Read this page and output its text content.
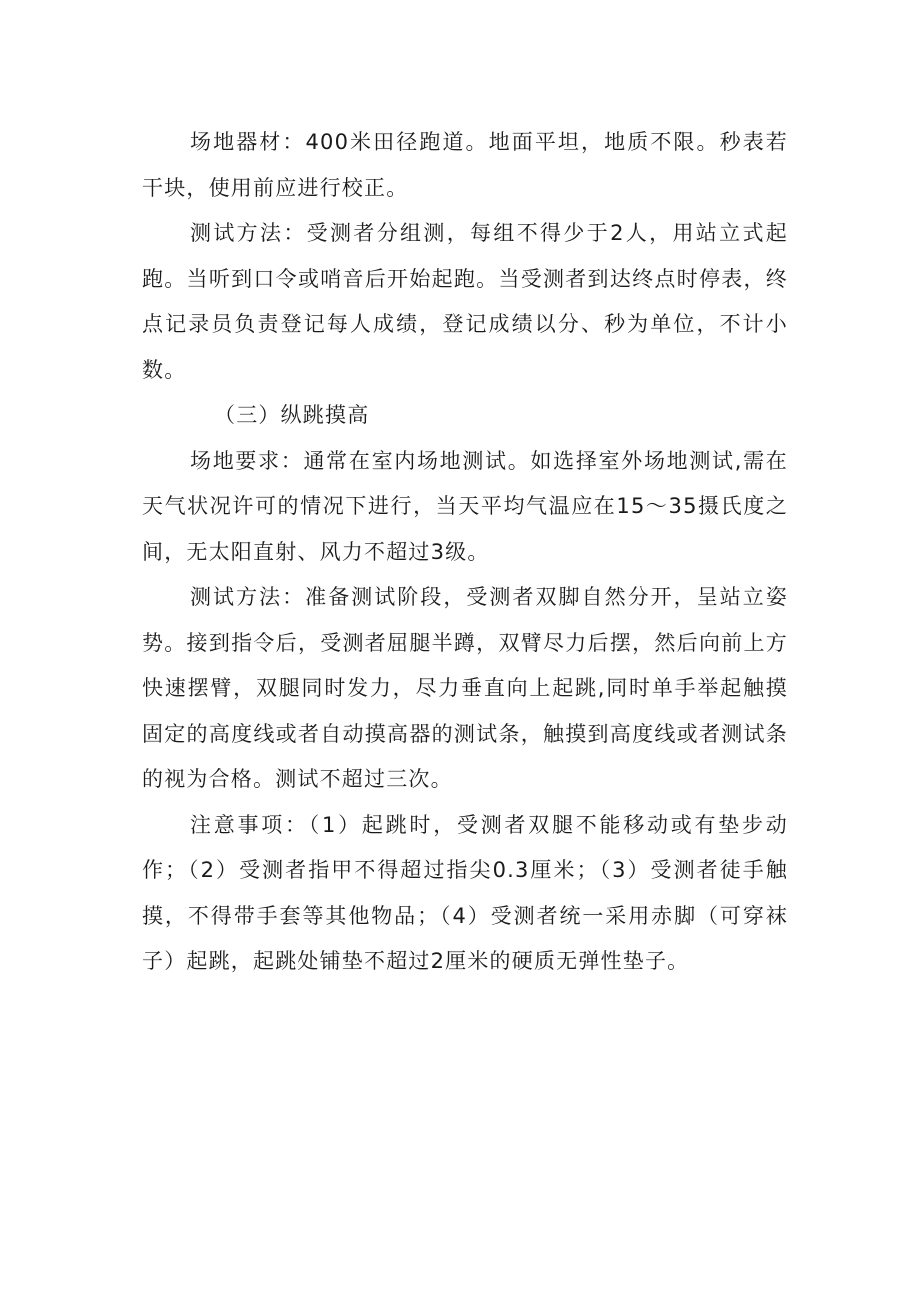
场地器材：400米田径跑道。地面平坦，地质不限。秒表若干块，使用前应进行校正。

测试方法：受测者分组测，每组不得少于2人，用站立式起跑。当听到口令或哨音后开始起跑。当受测者到达终点时停表，终点记录员负责登记每人成绩，登记成绩以分、秒为单位，不计小数。

（三）纵跳摸高

场地要求：通常在室内场地测试。如选择室外场地测试,需在天气状况许可的情况下进行，当天平均气温应在15～35摄氏度之间，无太阳直射、风力不超过3级。

测试方法：准备测试阶段，受测者双脚自然分开，呈站立姿势。接到指令后，受测者屈腿半蹲，双臂尽力后摆，然后向前上方快速摆臂，双腿同时发力，尽力垂直向上起跳,同时单手举起触摸固定的高度线或者自动摸高器的测试条，触摸到高度线或者测试条的视为合格。测试不超过三次。

注意事项：（1）起跳时，受测者双腿不能移动或有垫步动作；（2）受测者指甲不得超过指尖0.3厘米；（3）受测者徒手触摸，不得带手套等其他物品；（4）受测者统一采用赤脚（可穿袜子）起跳，起跳处铺垫不超过2厘米的硬质无弹性垫子。
